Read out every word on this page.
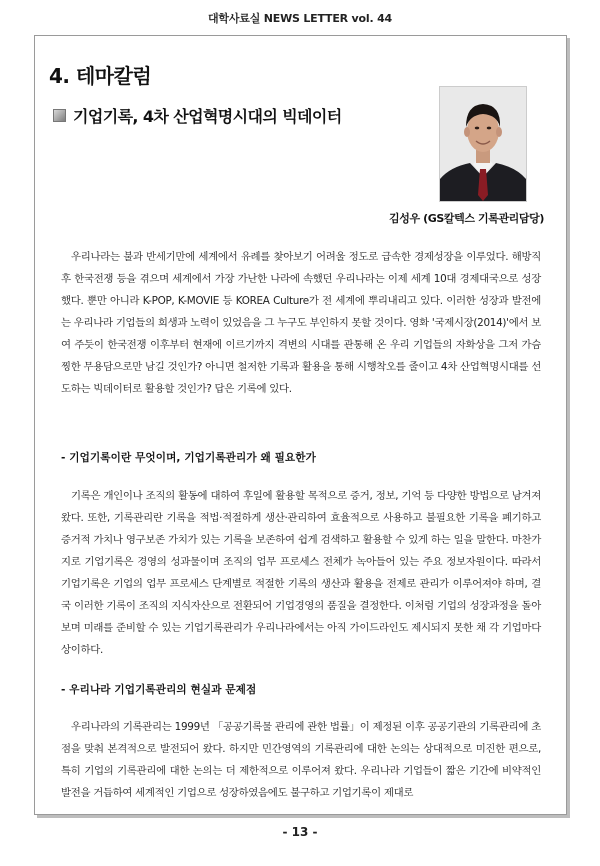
대학사료실 NEWS LETTER vol. 44
4. 테마칼럼
기업기록, 4차 산업혁명시대의 빅데이터
김성우 (GS칼텍스 기록관리담당)

우리나라는 불과 반세기만에 세계에서 유례를 찾아보기 어려울 정도로 급속한 경제성장을 이루었다. 해방직후 한국전쟁 등을 겪으며 세계에서 가장 가난한 나라에 속했던 우리나라는 이제 세계 10대 경제대국으로 성장했다. 뿐만 아니라 K-POP, K-MOVIE 등 KOREA Culture가 전 세계에 뿌리내리고 있다. 이러한 성장과 발전에는 우리나라 기업들의 희생과 노력이 있었음을 그 누구도 부인하지 못할 것이다. 영화 '국제시장(2014)'에서 보여 주듯이 한국전쟁 이후부터 현재에 이르기까지 격변의 시대를 관통해 온 우리 기업들의 자화상을 그저 가슴 찡한 무용담으로만 남길 것인가? 아니면 철저한 기록과 활용을 통해 시행착오를 줄이고 4차 산업혁명시대를 선도하는 빅데이터로 활용할 것인가? 답은 기록에 있다.

- 기업기록이란 무엇이며, 기업기록관리가 왜 필요한가

기록은 개인이나 조직의 활동에 대하여 후일에 활용할 목적으로 증거, 정보, 기억 등 다양한 방법으로 남겨져 왔다. 또한, 기록관리란 기록을 적법·적절하게 생산·관리하여 효율적으로 사용하고 불필요한 기록을 폐기하고 증거적 가치나 영구보존 가치가 있는 기록을 보존하여 쉽게 검색하고 활용할 수 있게 하는 일을 말한다. 마찬가지로 기업기록은 경영의 성과물이며 조직의 업무 프로세스 전체가 녹아들어 있는 주요 정보자원이다. 따라서 기업기록은 기업의 업무 프로세스 단계별로 적절한 기록의 생산과 활용을 전제로 관리가 이루어져야 하며, 결국 이러한 기록이 조직의 지식자산으로 전환되어 기업경영의 품질을 결정한다. 이처럼 기업의 성장과정을 돌아보며 미래를 준비할 수 있는 기업기록관리가 우리나라에서는 아직 가이드라인도 제시되지 못한 채 각 기업마다 상이하다.

- 우리나라 기업기록관리의 현실과 문제점

우리나라의 기록관리는 1999년 「공공기록물 관리에 관한 법률」이 제정된 이후 공공기관의 기록관리에 초점을 맞춰 본격적으로 발전되어 왔다. 하지만 민간영역의 기록관리에 대한 논의는 상대적으로 미진한 편으로, 특히 기업의 기록관리에 대한 논의는 더 제한적으로 이루어져 왔다. 우리나라 기업들이 짧은 기간에 비약적인 발전을 거듭하여 세계적인 기업으로 성장하였음에도 불구하고 기업기록이 제대로

- 13 -
